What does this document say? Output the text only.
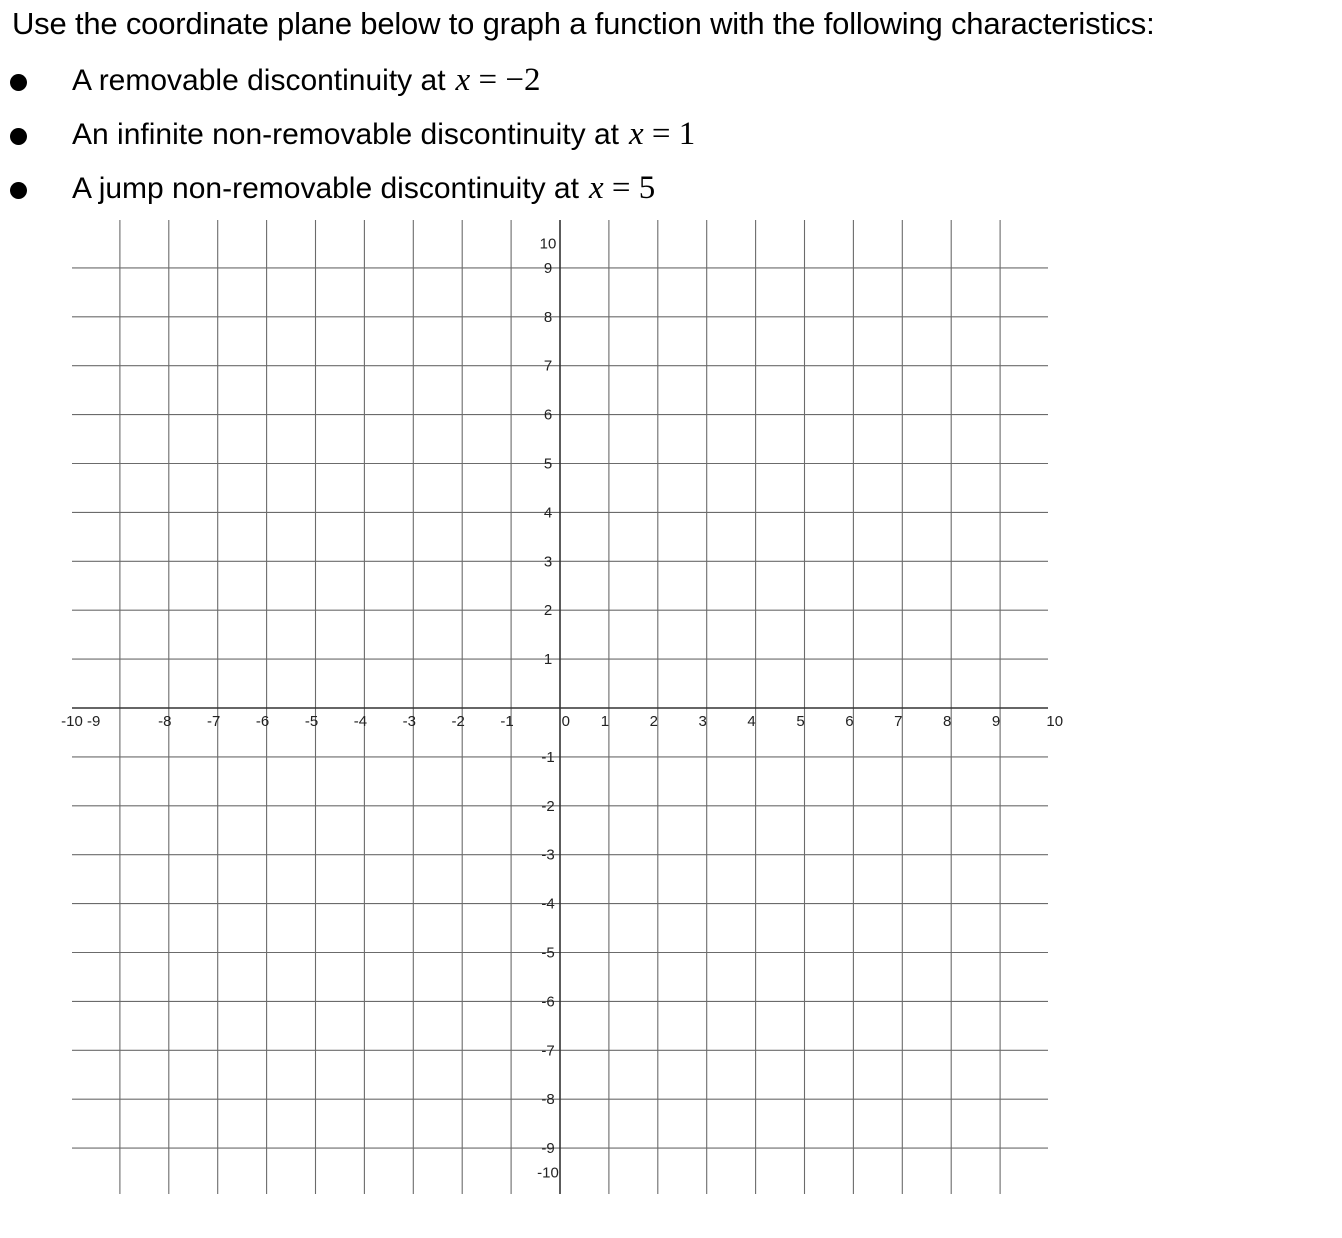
Use the coordinate plane below to graph a function with the following characteristics:
A removable discontinuity at x = −2
An infinite non-removable discontinuity at x = 1
A jump non-removable discontinuity at x = 5
-10 -9	-8 -7 -6 -5 -4 -3 -2 -1	0 1	2	3	4	5	6	7	8	9	10
10
9
8
7
6
5
4
3
2
1
-1
-2
-3
-4
-5
-6
-7
-8
-9
-10
